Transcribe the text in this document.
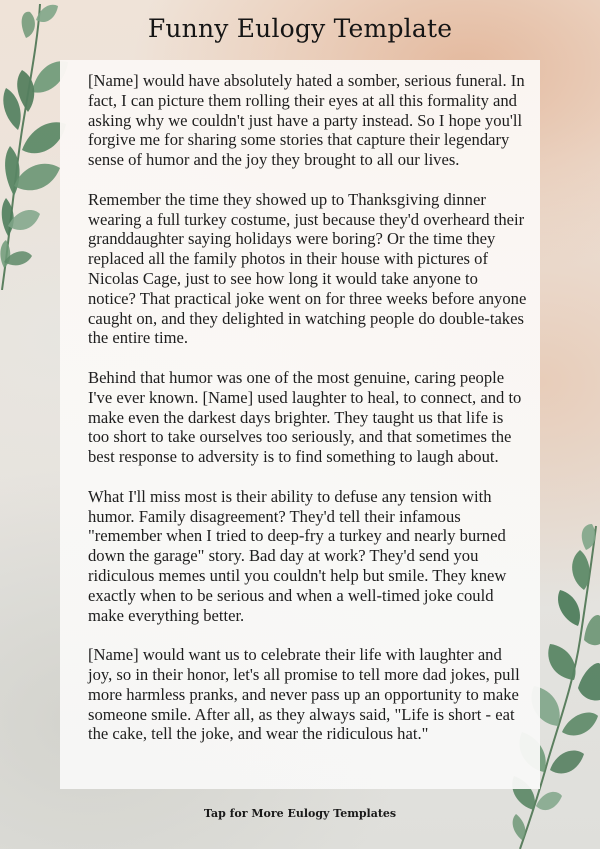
Funny Eulogy Template

[Name] would have absolutely hated a somber, serious funeral. In fact, I can picture them rolling their eyes at all this formality and asking why we couldn't just have a party instead. So I hope you'll forgive me for sharing some stories that capture their legendary sense of humor and the joy they brought to all our lives.

Remember the time they showed up to Thanksgiving dinner wearing a full turkey costume, just because they'd overheard their granddaughter saying holidays were boring? Or the time they replaced all the family photos in their house with pictures of Nicolas Cage, just to see how long it would take anyone to notice? That practical joke went on for three weeks before anyone caught on, and they delighted in watching people do double-takes the entire time.

Behind that humor was one of the most genuine, caring people I've ever known. [Name] used laughter to heal, to connect, and to make even the darkest days brighter. They taught us that life is too short to take ourselves too seriously, and that sometimes the best response to adversity is to find something to laugh about.

What I'll miss most is their ability to defuse any tension with humor. Family disagreement? They'd tell their infamous "remember when I tried to deep-fry a turkey and nearly burned down the garage" story. Bad day at work? They'd send you ridiculous memes until you couldn't help but smile. They knew exactly when to be serious and when a well-timed joke could make everything better.

[Name] would want us to celebrate their life with laughter and joy, so in their honor, let's all promise to tell more dad jokes, pull more harmless pranks, and never pass up an opportunity to make someone smile. After all, as they always said, "Life is short - eat the cake, tell the joke, and wear the ridiculous hat."

Tap for More Eulogy Templates
